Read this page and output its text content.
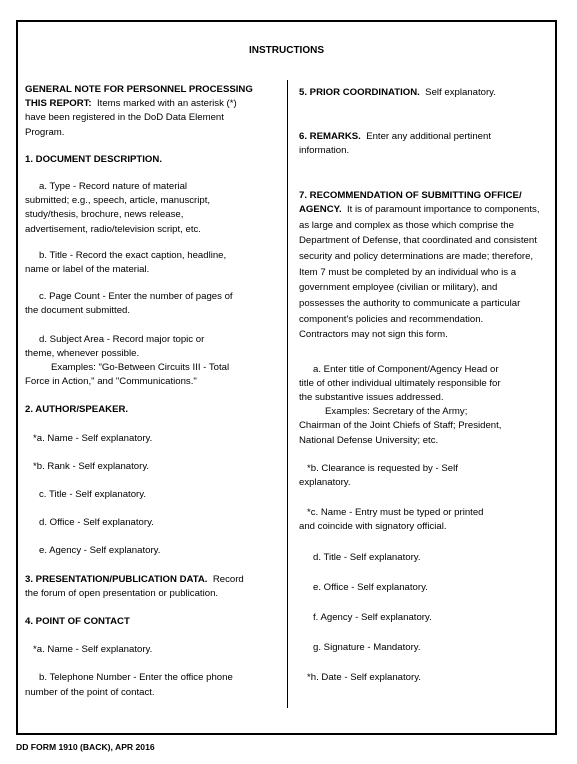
INSTRUCTIONS
GENERAL NOTE FOR PERSONNEL PROCESSING
THIS REPORT: Items marked with an asterisk (*)
have been registered in the DoD Data Element
Program.
1. DOCUMENT DESCRIPTION.
a. Type - Record nature of material
submitted; e.g., speech, article, manuscript,
study/thesis, brochure, news release,
advertisement, radio/television script, etc.
b. Title - Record the exact caption, headline,
name or label of the material.
c. Page Count - Enter the number of pages of
the document submitted.
d. Subject Area - Record major topic or
theme, whenever possible.
Examples: "Go-Between Circuits III - Total
Force in Action," and "Communications."
2. AUTHOR/SPEAKER.
*a. Name - Self explanatory.
*b. Rank - Self explanatory.
c. Title - Self explanatory.
d. Office - Self explanatory.
e. Agency - Self explanatory.
3. PRESENTATION/PUBLICATION DATA. Record
the forum of open presentation or publication.
4. POINT OF CONTACT
*a. Name - Self explanatory.
b. Telephone Number - Enter the office phone
number of the point of contact.
5. PRIOR COORDINATION. Self explanatory.
6. REMARKS. Enter any additional pertinent
information.
7. RECOMMENDATION OF SUBMITTING OFFICE/
AGENCY. It is of paramount importance to components,
as large and complex as those which comprise the
Department of Defense, that coordinated and consistent
security and policy determinations are made; therefore,
Item 7 must be completed by an individual who is a
government employee (civilian or military), and
possesses the authority to communicate a particular
component's policies and recommendation.
Contractors may not sign this form.
a. Enter title of Component/Agency Head or
title of other individual ultimately responsible for
the substantive issues addressed.
Examples: Secretary of the Army;
Chairman of the Joint Chiefs of Staff; President,
National Defense University; etc.
*b. Clearance is requested by - Self
explanatory.
*c. Name - Entry must be typed or printed
and coincide with signatory official.
d. Title - Self explanatory.
e. Office - Self explanatory.
f. Agency - Self explanatory.
g. Signature - Mandatory.
*h. Date - Self explanatory.
DD FORM 1910 (BACK), APR 2016
